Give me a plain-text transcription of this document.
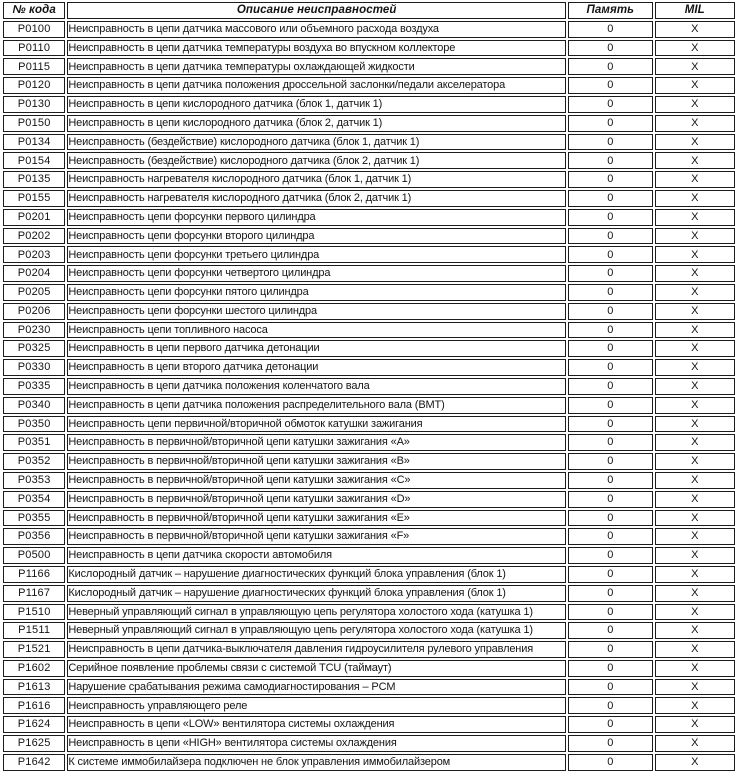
№ кода	Описание неисправностей	Память	MIL
P0100	Неисправность в цепи датчика массового или объемного расхода воздуха	0	X
P0110	Неисправность в цепи датчика температуры воздуха во впускном коллекторе	0	X
P0115	Неисправность в цепи датчика температуры охлаждающей жидкости	0	X
P0120	Неисправность в цепи датчика положения дроссельной заслонки/педали акселератора	0	X
P0130	Неисправность в цепи кислородного датчика (блок 1, датчик 1)	0	X
P0150	Неисправность в цепи кислородного датчика (блок 2, датчик 1)	0	X
P0134	Неисправность (бездействие) кислородного датчика (блок 1, датчик 1)	0	X
P0154	Неисправность (бездействие) кислородного датчика (блок 2, датчик 1)	0	X
P0135	Неисправность нагревателя кислородного датчика (блок 1, датчик 1)	0	X
P0155	Неисправность нагревателя кислородного датчика (блок 2, датчик 1)	0	X
P0201	Неисправность цепи форсунки первого цилиндра	0	X
P0202	Неисправность цепи форсунки второго цилиндра	0	X
P0203	Неисправность цепи форсунки третьего цилиндра	0	X
P0204	Неисправность цепи форсунки четвертого цилиндра	0	X
P0205	Неисправность цепи форсунки пятого цилиндра	0	X
P0206	Неисправность цепи форсунки шестого цилиндра	0	X
P0230	Неисправность цепи топливного насоса	0	X
P0325	Неисправность в цепи первого датчика детонации	0	X
P0330	Неисправность в цепи второго датчика детонации	0	X
P0335	Неисправность в цепи датчика положения коленчатого вала	0	X
P0340	Неисправность в цепи датчика положения распределительного вала (ВМТ)	0	X
P0350	Неисправность цепи первичной/вторичной обмоток катушки зажигания	0	X
P0351	Неисправность в первичной/вторичной цепи катушки зажигания «А»	0	X
P0352	Неисправность в первичной/вторичной цепи катушки зажигания «В»	0	X
P0353	Неисправность в первичной/вторичной цепи катушки зажигания «С»	0	X
P0354	Неисправность в первичной/вторичной цепи катушки зажигания «D»	0	X
P0355	Неисправность в первичной/вторичной цепи катушки зажигания «Е»	0	X
P0356	Неисправность в первичной/вторичной цепи катушки зажигания «F»	0	X
P0500	Неисправность в цепи датчика скорости автомобиля	0	X
P1166	Кислородный датчик – нарушение диагностических функций блока управления (блок 1)	0	X
P1167	Кислородный датчик – нарушение диагностических функций блока управления (блок 1)	0	X
P1510	Неверный управляющий сигнал в управляющую цепь регулятора холостого хода (катушка 1)	0	X
P1511	Неверный управляющий сигнал в управляющую цепь регулятора холостого хода (катушка 1)	0	X
P1521	Неисправность в цепи датчика-выключателя давления гидроусилителя рулевого управления	0	X
P1602	Серийное появление проблемы связи с системой TCU (таймаут)	0	X
P1613	Нарушение срабатывания режима самодиагностирования – PCM	0	X
P1616	Неисправность управляющего реле	0	X
P1624	Неисправность в цепи «LOW» вентилятора системы охлаждения	0	X
P1625	Неисправность в цепи «HIGH» вентилятора системы охлаждения	0	X
P1642	К системе иммобилайзера подключен не блок управления иммобилайзером	0	X
